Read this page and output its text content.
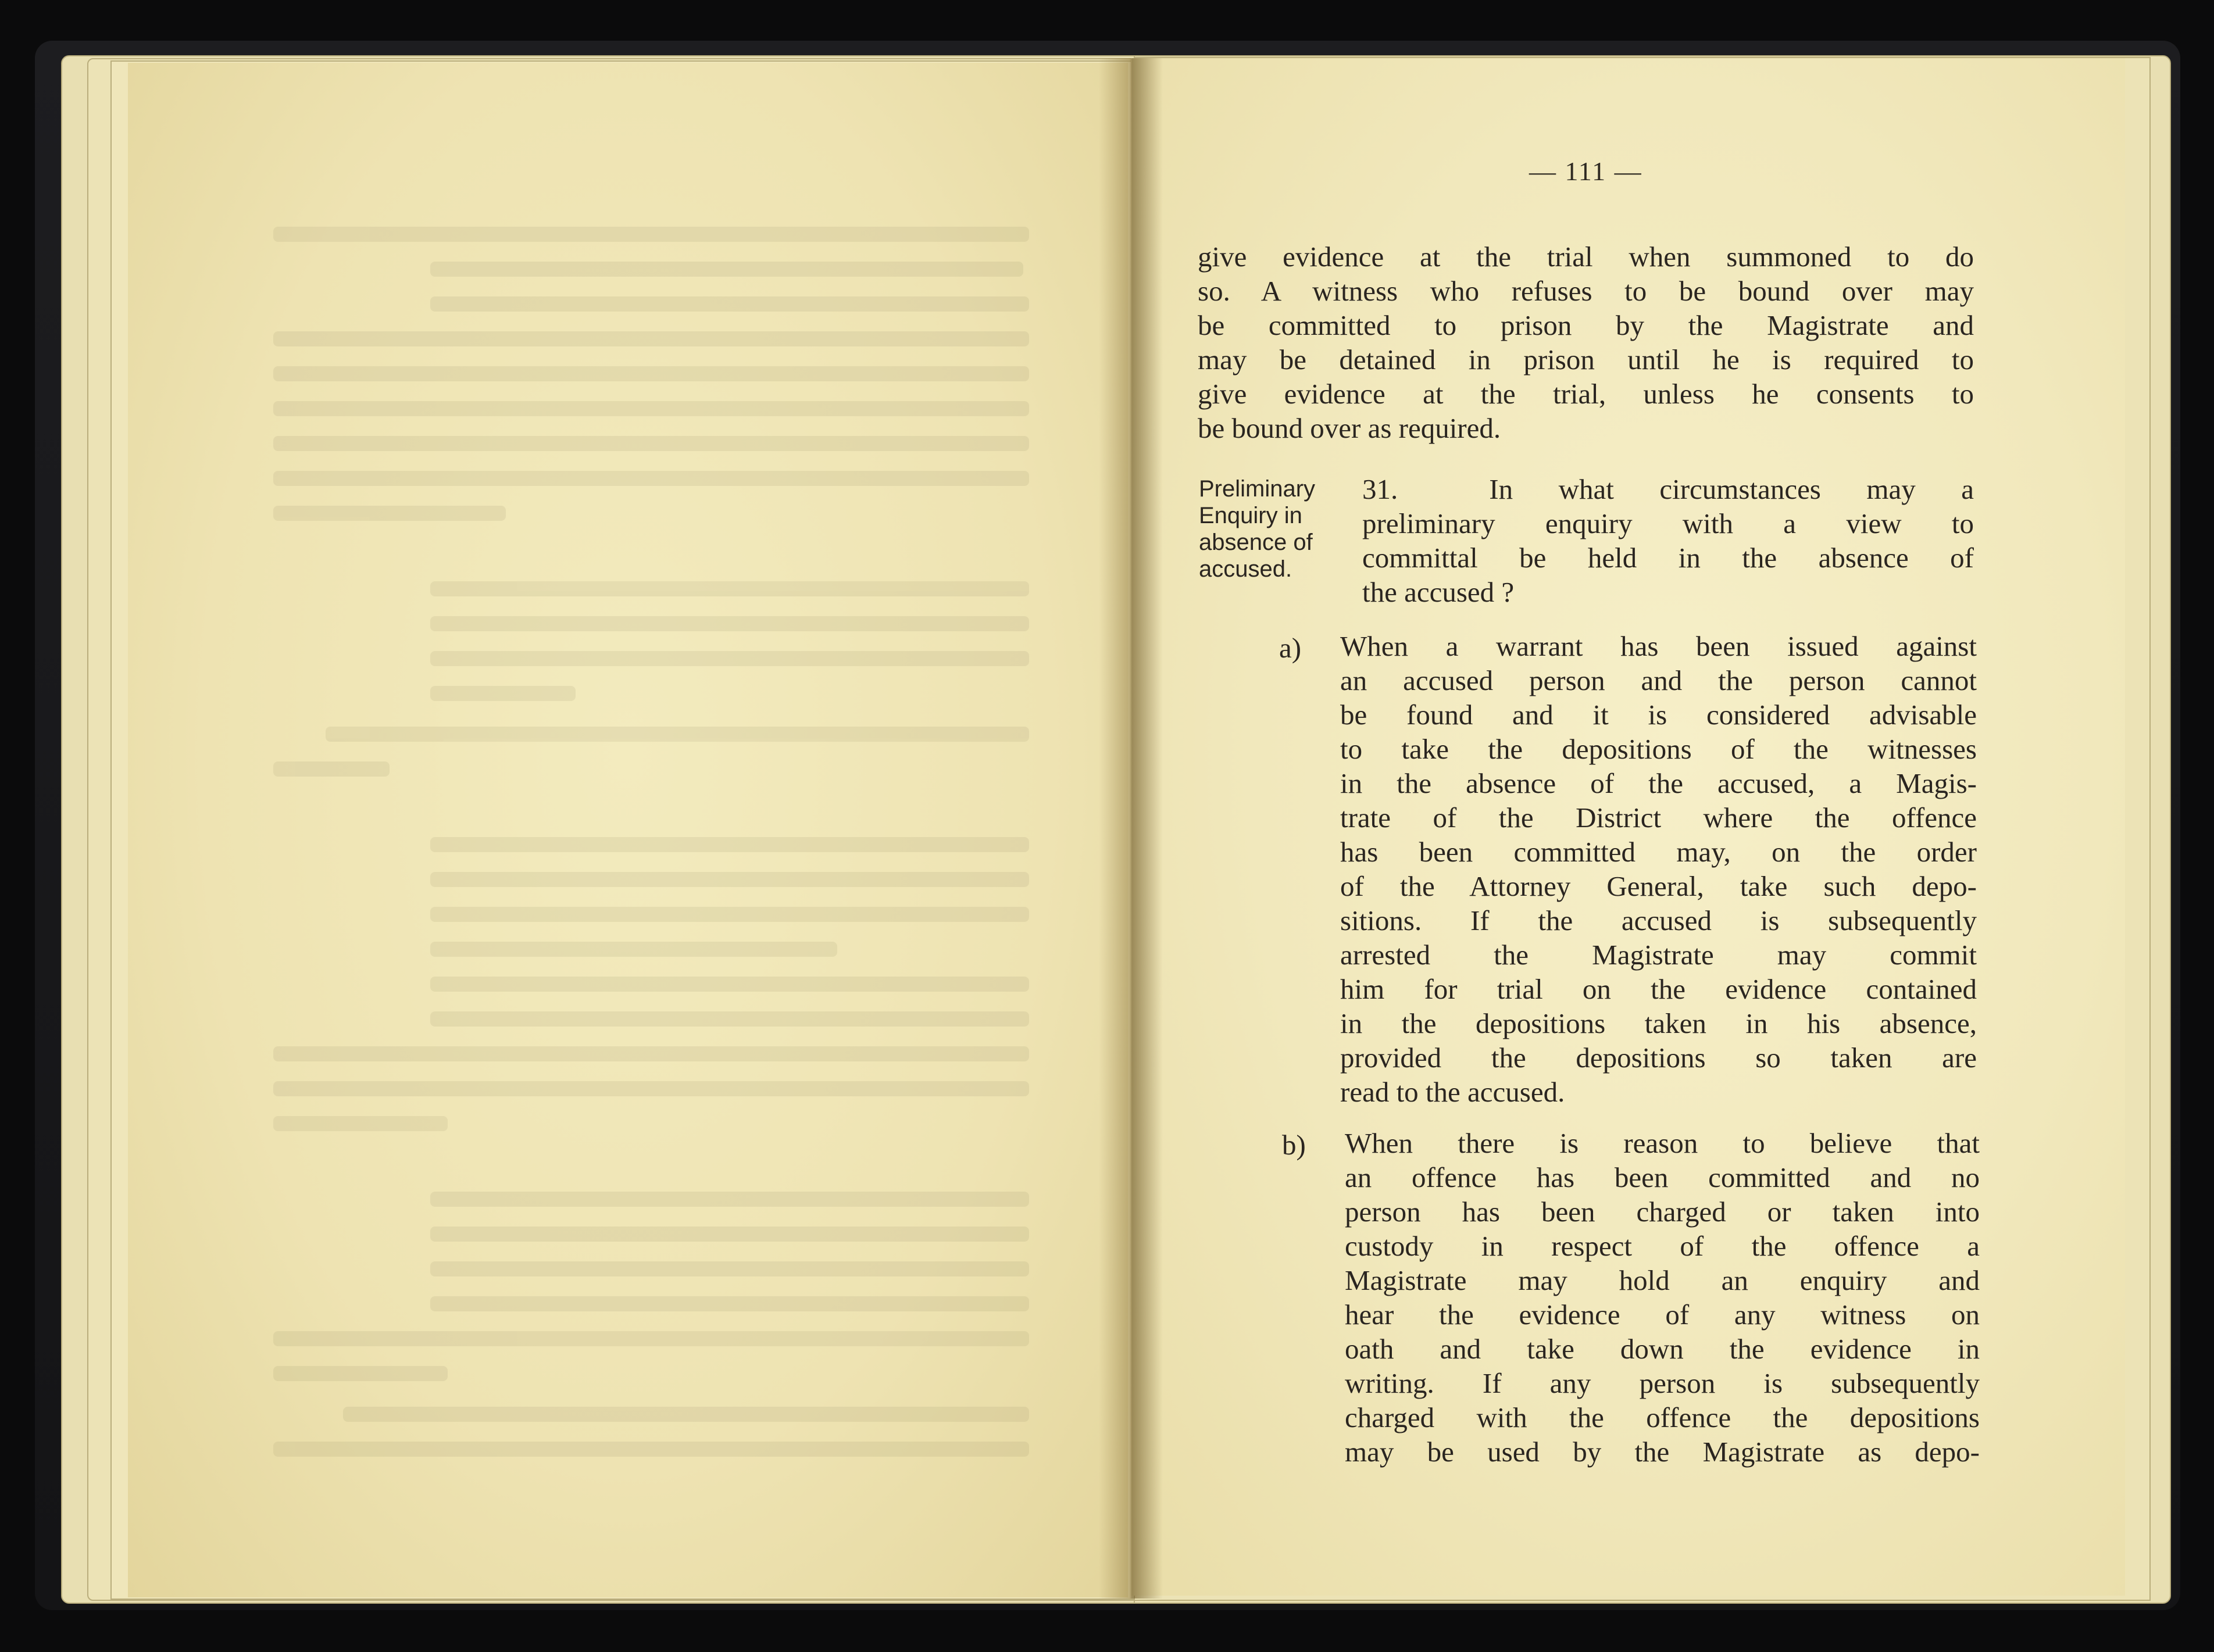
— 111 —
give evidence at the trial when summoned to do
so. A witness who refuses to be bound over may
be committed to prison by the Magistrate and
may be detained in prison until he is required to
give evidence at the trial, unless he consents to
be bound over as required.
Preliminary
Enquiry in
absence of
accused.
31.	In what circumstances may a
preliminary enquiry with a view to
committal be held in the absence of
the accused ?
a) When a warrant has been issued against
an accused person and the person cannot
be found and it is considered advisable
to take the depositions of the witnesses
in the absence of the accused, a Magis-
trate of the District where the offence
has been committed may, on the order
of the Attorney General, take such depo-
sitions. If the accused is subsequently
arrested the Magistrate may commit
him for trial on the evidence contained
in the depositions taken in his absence,
provided the depositions so taken are
read to the accused.
b) When there is reason to believe that
an offence has been committed and no
person has been charged or taken into
custody in respect of the offence a
Magistrate may hold an enquiry and
hear the evidence of any witness on
oath and take down the evidence in
writing. If any person is subsequently
charged with the offence the depositions
may be used by the Magistrate as depo-
